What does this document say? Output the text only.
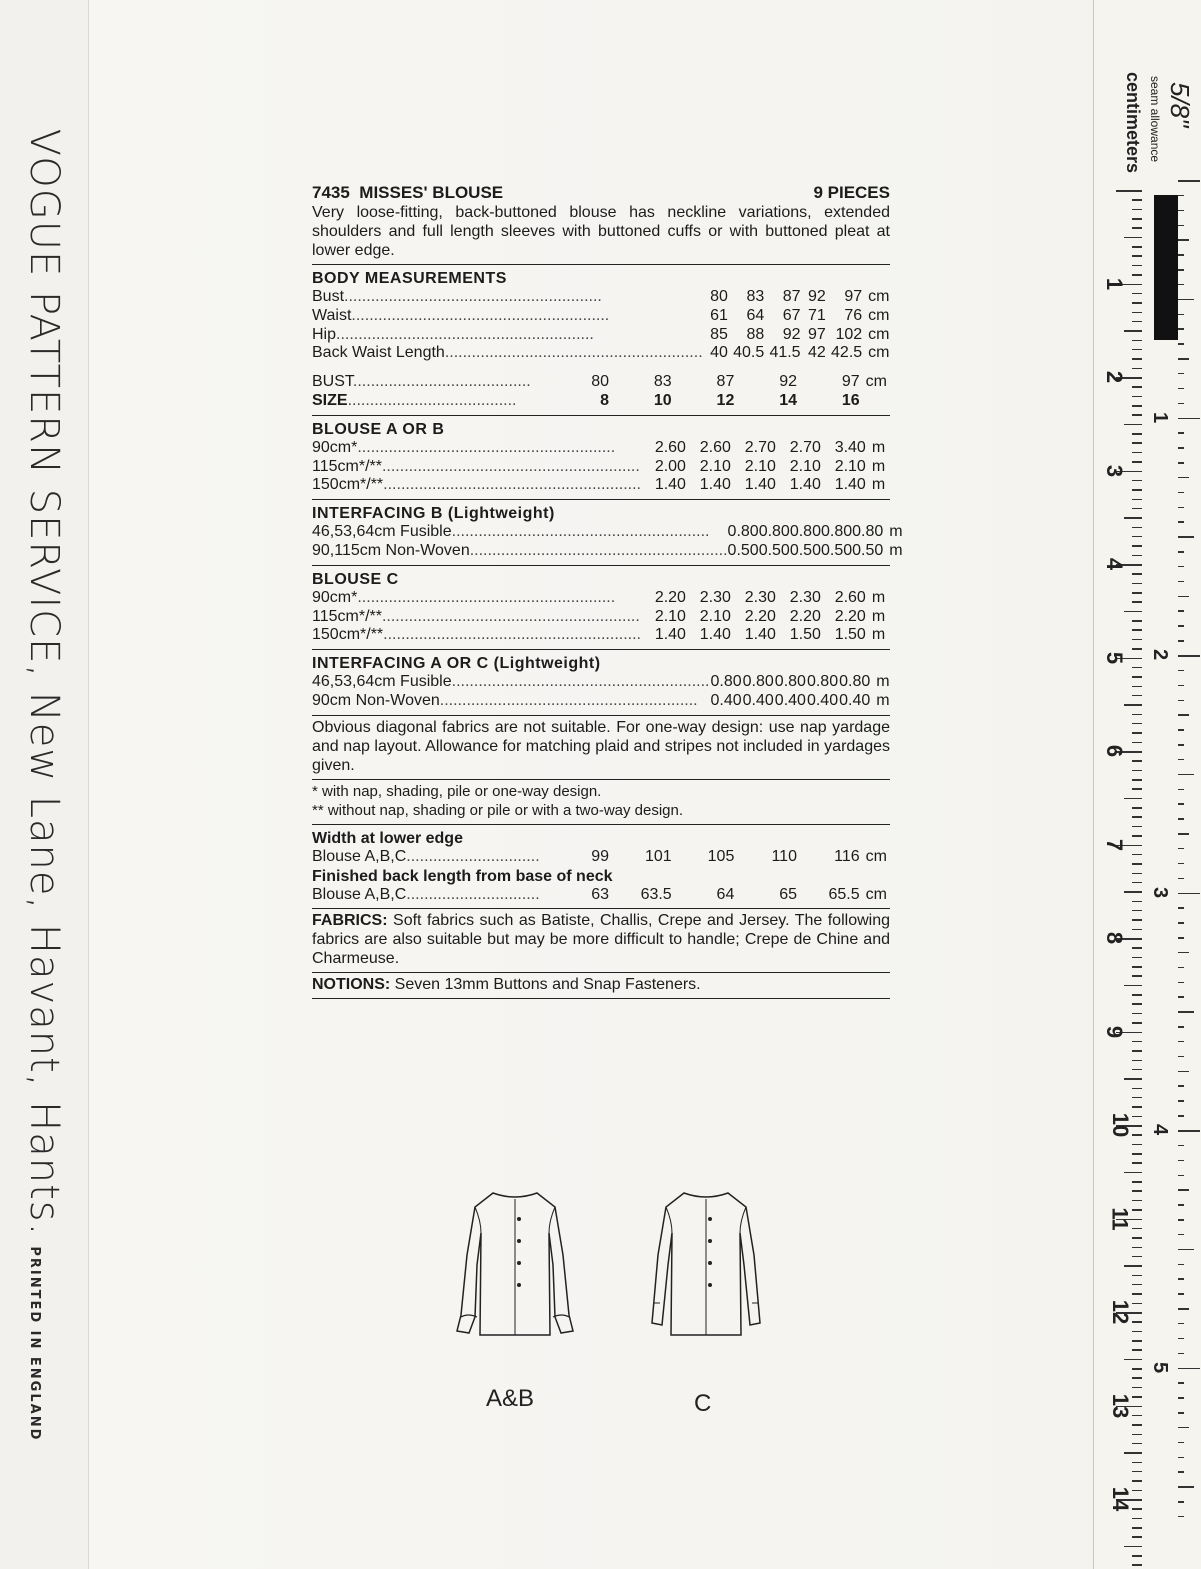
VOGUE PATTERN SERVICE, New Lane, Havant, Hants.PRINTED IN ENGLAND
1
2
3
4
5
6
7
8
9
10
11
12
13
14
1
2
3
4
5
5/8"
seam allowance
centimeters
7435 MISSES' BLOUSE	9 PIECES
Very loose-fitting, back-buttoned blouse has neckline variations, extended shoulders and full length sleeves with buttoned cuffs or with buttoned pleat at lower edge.
BODY MEASUREMENTS
Bust..........................................................	80	83	87	92	97	cm
Waist..........................................................	61	64	67	71	76	cm
Hip..........................................................	85	88	92	97	102	cm
Back Waist Length..........................................................	40	40.5	41.5	42	42.5	cm
BUST........................................	80	83	87	92	97	cm
SIZE......................................	8	10	12	14	16	
BLOUSE A OR B
90cm*..........................................................	2.60	2.60	2.70	2.70	3.40	m
115cm*/**..........................................................	2.00	2.10	2.10	2.10	2.10	m
150cm*/**..........................................................	1.40	1.40	1.40	1.40	1.40	m
INTERFACING B (Lightweight)
46,53,64cm Fusible..........................................................	0.80	0.80	0.80	0.80	0.80	m
90,115cm Non-Woven..........................................................	0.50	0.50	0.50	0.50	0.50	m
BLOUSE C
90cm*..........................................................	2.20	2.30	2.30	2.30	2.60	m
115cm*/**..........................................................	2.10	2.10	2.20	2.20	2.20	m
150cm*/**..........................................................	1.40	1.40	1.40	1.50	1.50	m
INTERFACING A OR C (Lightweight)
46,53,64cm Fusible..........................................................	0.80	0.80	0.80	0.80	0.80	m
90cm Non-Woven..........................................................	0.40	0.40	0.40	0.40	0.40	m
Obvious diagonal fabrics are not suitable. For one-way design: use nap yardage and nap layout. Allowance for matching plaid and stripes not included in yardages given.
* with nap, shading, pile or one-way design.
** without nap, shading or pile or with a two-way design.
Width at lower edge
Blouse A,B,C..............................	99	101	105	110	116	cm
Finished back length from base of neck
Blouse A,B,C..............................	63	63.5	64	65	65.5	cm
FABRICS: Soft fabrics such as Batiste, Challis, Crepe and Jersey. The following fabrics are also suitable but may be more difficult to handle; Crepe de Chine and Charmeuse.
NOTIONS: Seven 13mm Buttons and Snap Fasteners.
A&B	C
